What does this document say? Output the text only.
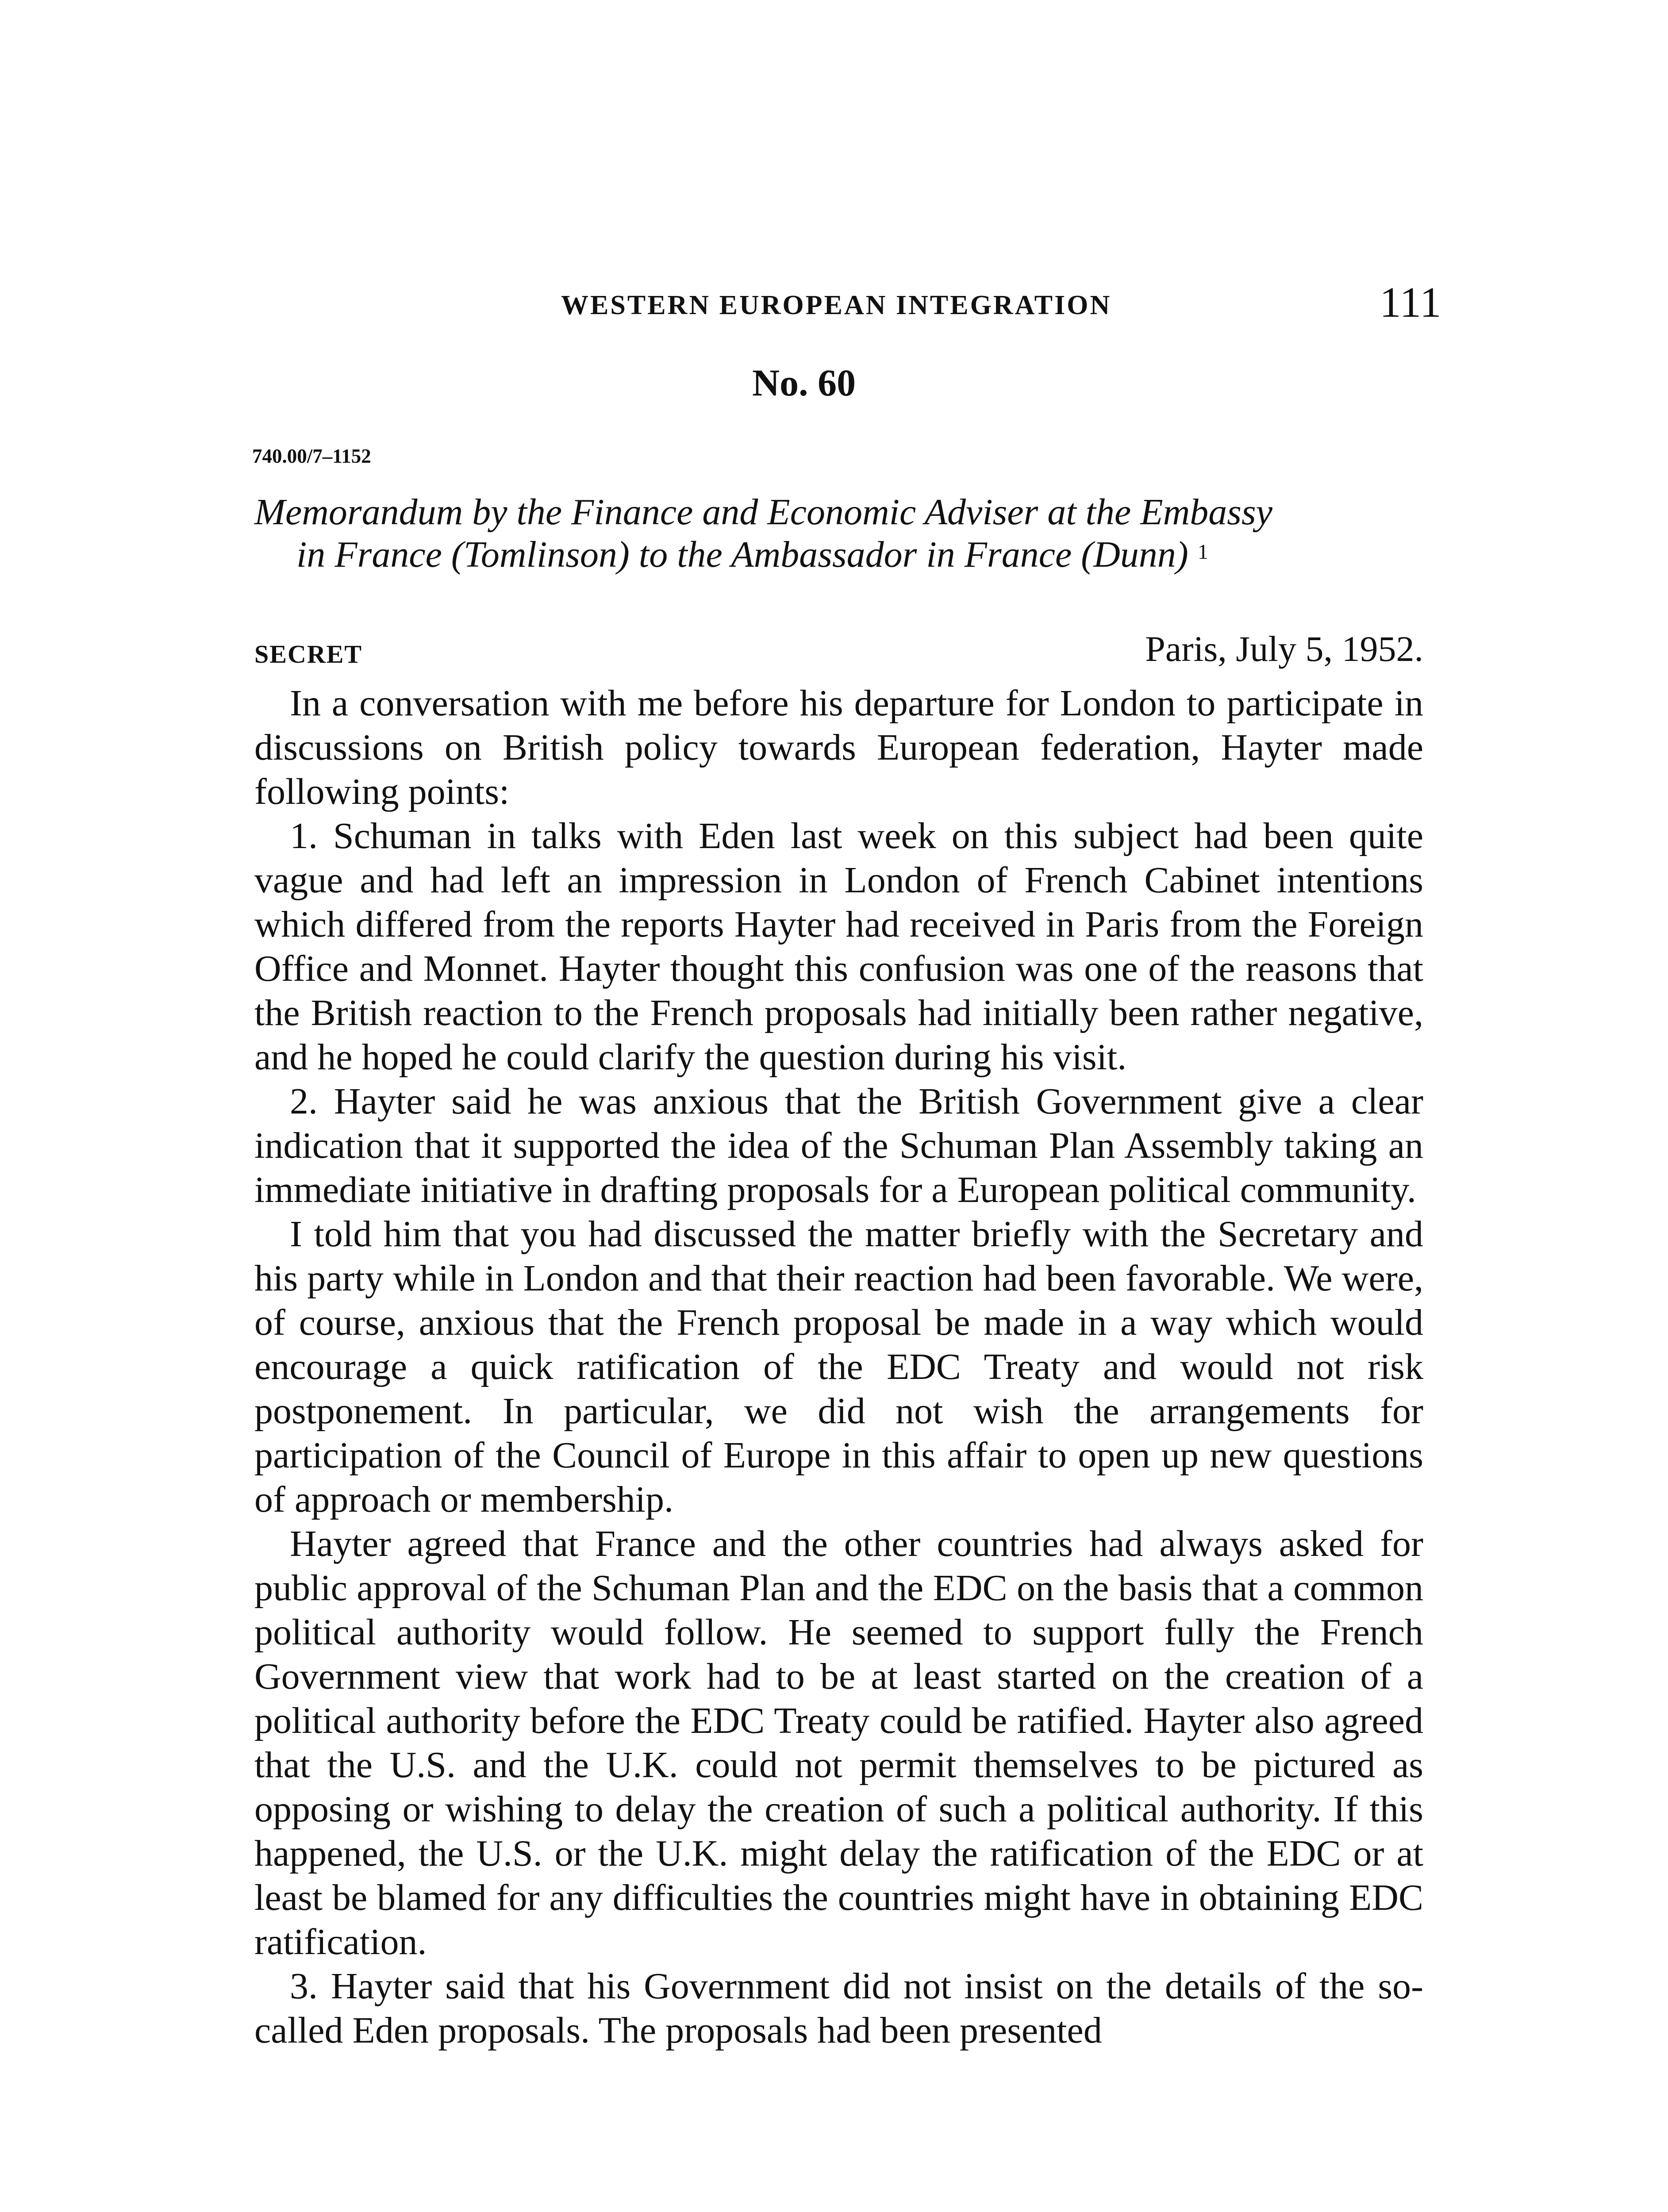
WESTERN EUROPEAN INTEGRATION	111
No. 60
740.00/7–1152
Memorandum by the Finance and Economic Adviser at the Embassy
in France (Tomlinson) to the Ambassador in France (Dunn) $^1$
SECRET	Paris, July 5, 1952.

In a conversation with me before his departure for London to participate in discussions on British policy towards European federation, Hayter made following points:

1. Schuman in talks with Eden last week on this subject had been quite vague and had left an impression in London of French Cabinet intentions which differed from the reports Hayter had received in Paris from the Foreign Office and Monnet. Hayter thought this confusion was one of the reasons that the British reaction to the French proposals had initially been rather negative, and he hoped he could clarify the question during his visit.

2. Hayter said he was anxious that the British Government give a clear indication that it supported the idea of the Schuman Plan Assembly taking an immediate initiative in drafting proposals for a European political community.

I told him that you had discussed the matter briefly with the Secretary and his party while in London and that their reaction had been favorable. We were, of course, anxious that the French proposal be made in a way which would encourage a quick ratification of the EDC Treaty and would not risk postponement. In particular, we did not wish the arrangements for participation of the Council of Europe in this affair to open up new questions of approach or membership.

Hayter agreed that France and the other countries had always asked for public approval of the Schuman Plan and the EDC on the basis that a common political authority would follow. He seemed to support fully the French Government view that work had to be at least started on the creation of a political authority before the EDC Treaty could be ratified. Hayter also agreed that the U.S. and the U.K. could not permit themselves to be pictured as opposing or wishing to delay the creation of such a political authority. If this happened, the U.S. or the U.K. might delay the ratification of the EDC or at least be blamed for any difficulties the countries might have in obtaining EDC ratification.

3. Hayter said that his Government did not insist on the details of the so-called Eden proposals. The proposals had been presented
